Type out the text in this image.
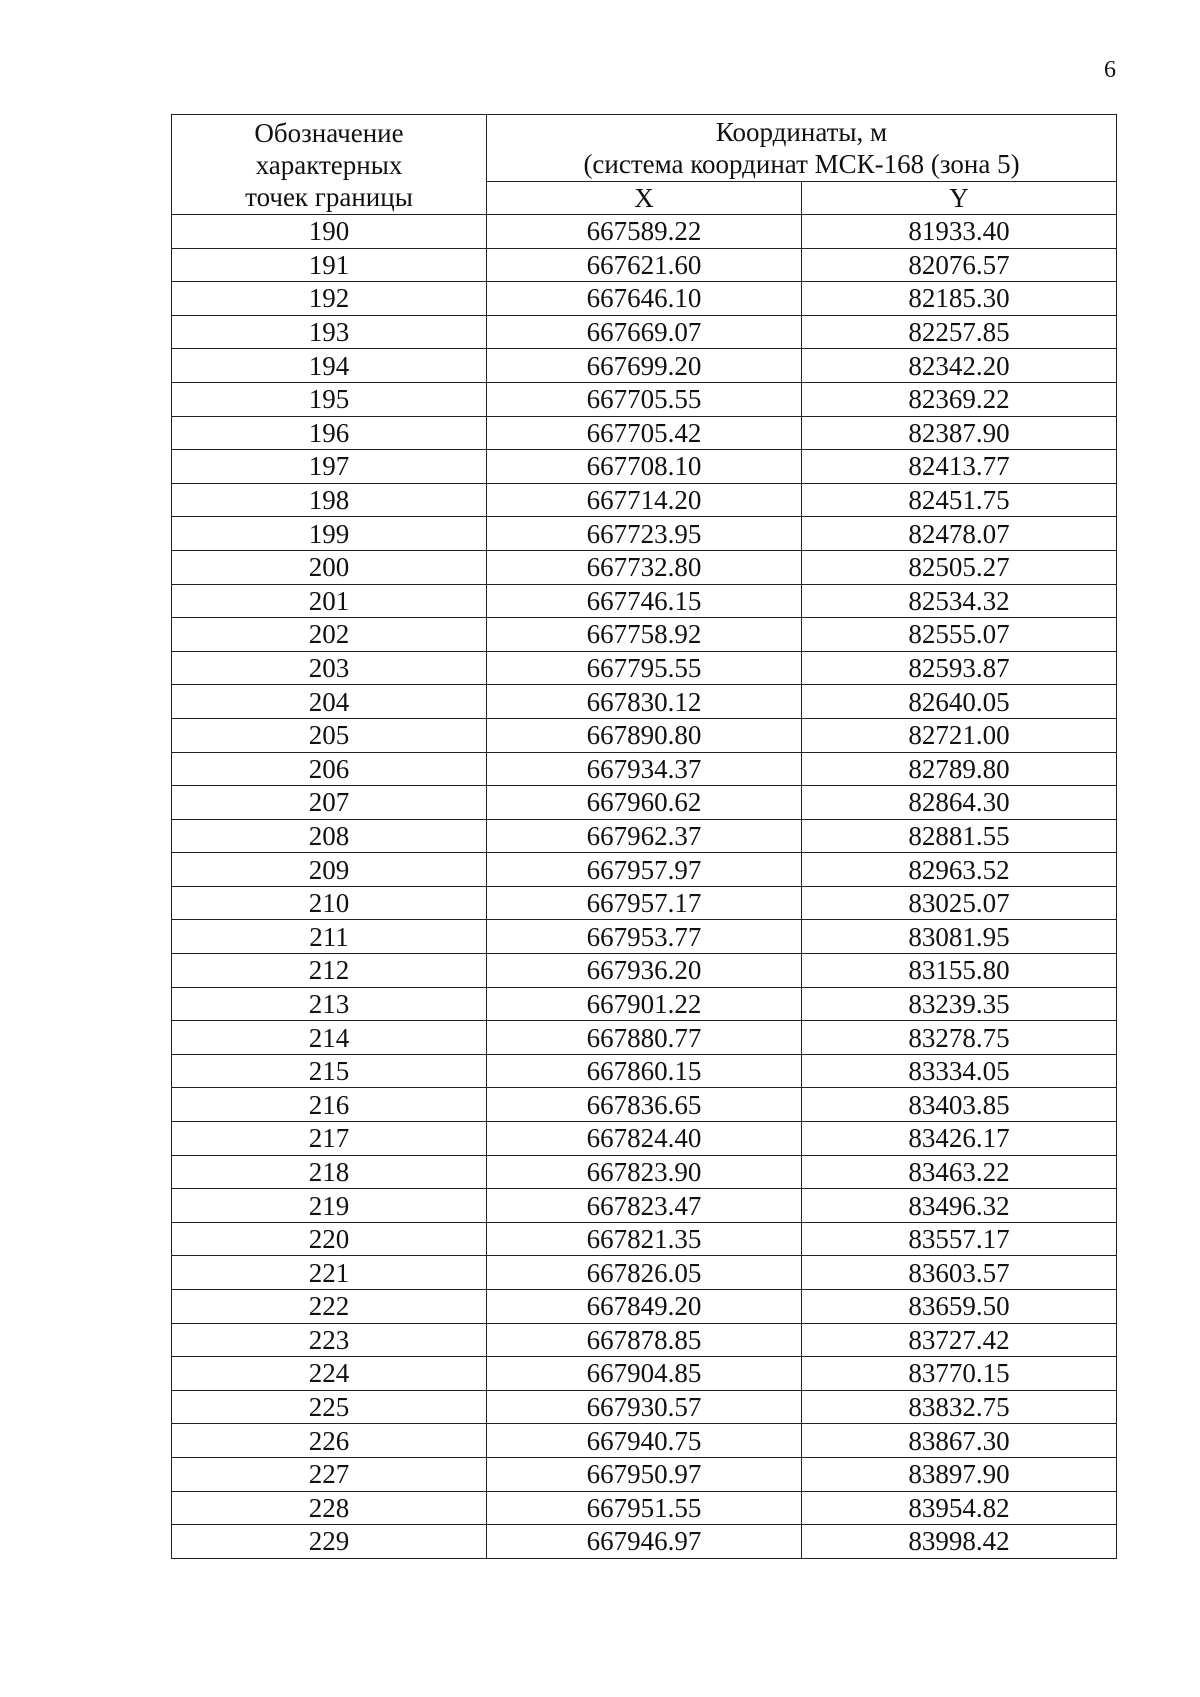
6
Обозначение
характерных
точек границы	Координаты, м
(система координат МСК-168 (зона 5)	

	X	Y
190	667589.22	81933.40
191	667621.60	82076.57
192	667646.10	82185.30
193	667669.07	82257.85
194	667699.20	82342.20
195	667705.55	82369.22
196	667705.42	82387.90
197	667708.10	82413.77
198	667714.20	82451.75
199	667723.95	82478.07
200	667732.80	82505.27
201	667746.15	82534.32
202	667758.92	82555.07
203	667795.55	82593.87
204	667830.12	82640.05
205	667890.80	82721.00
206	667934.37	82789.80
207	667960.62	82864.30
208	667962.37	82881.55
209	667957.97	82963.52
210	667957.17	83025.07
211	667953.77	83081.95
212	667936.20	83155.80
213	667901.22	83239.35
214	667880.77	83278.75
215	667860.15	83334.05
216	667836.65	83403.85
217	667824.40	83426.17
218	667823.90	83463.22
219	667823.47	83496.32
220	667821.35	83557.17
221	667826.05	83603.57
222	667849.20	83659.50
223	667878.85	83727.42
224	667904.85	83770.15
225	667930.57	83832.75
226	667940.75	83867.30
227	667950.97	83897.90
228	667951.55	83954.82
229	667946.97	83998.42
